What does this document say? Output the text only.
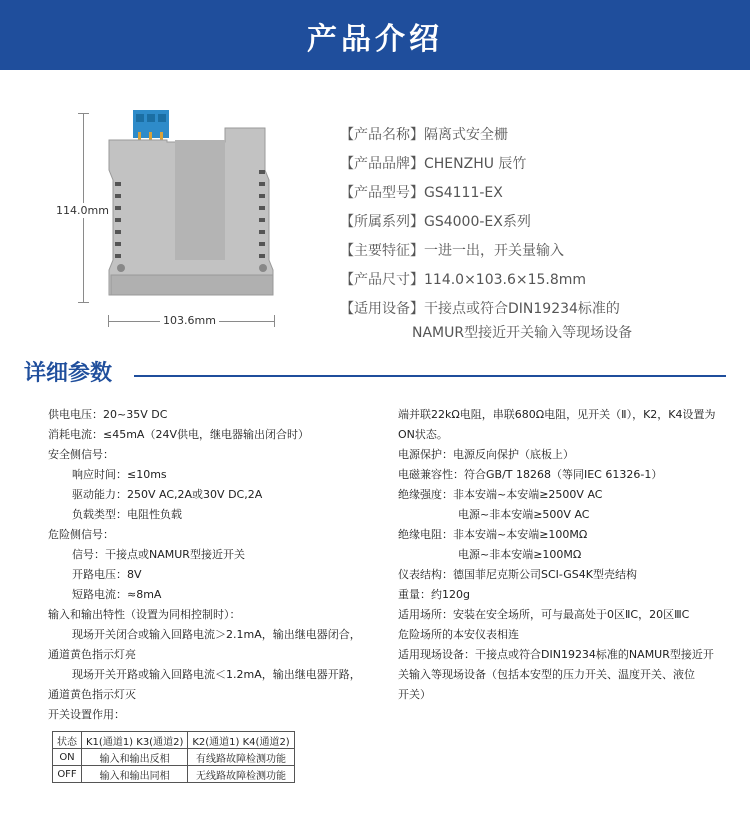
产品介绍
114.0mm
103.6mm
【产品名称】隔离式安全栅
【产品品牌】CHENZHU 辰竹
【产品型号】GS4111-EX
【所属系列】GS4000-EX系列
【主要特征】一进一出，开关量输入
【产品尺寸】114.0×103.6×15.8mm
【适用设备】干接点或符合DIN19234标准的
NAMUR型接近开关输入等现场设备
详细参数
供电电压：20~35V DC
消耗电流：≤45mA（24V供电，继电器输出闭合时）
安全侧信号：
响应时间：≤10ms
驱动能力：250V AC,2A或30V DC,2A
负载类型：电阻性负载
危险侧信号：
信号：干接点或NAMUR型接近开关
开路电压：8V
短路电流：≈8mA
输入和输出特性（设置为同相控制时）：
现场开关闭合或输入回路电流＞2.1mA，输出继电器闭合，
通道黄色指示灯亮
现场开关开路或输入回路电流＜1.2mA，输出继电器开路，
通道黄色指示灯灭
开关设置作用：
端并联22kΩ电阻，串联680Ω电阻，见开关（Ⅱ），K2，K4设置为
ON状态。
电源保护：电源反向保护（底板上）
电磁兼容性：符合GB/T 18268（等同IEC 61326-1）
绝缘强度：非本安端~本安端≥2500V AC
电源~非本安端≥500V AC
绝缘电阻：非本安端~本安端≥100MΩ
电源~非本安端≥100MΩ
仪表结构：德国菲尼克斯公司SCI-GS4K型壳结构
重量：约120g
适用场所：安装在安全场所，可与最高处于0区ⅡC，20区ⅢC
危险场所的本安仪表相连
适用现场设备：干接点或符合DIN19234标准的NAMUR型接近开
关输入等现场设备（包括本安型的压力开关、温度开关、液位
开关）
状态	K1(通道1) K3(通道2)	K2(通道1) K4(通道2)
ON	输入和输出反相	有线路故障检测功能
OFF	输入和输出同相	无线路故障检测功能
